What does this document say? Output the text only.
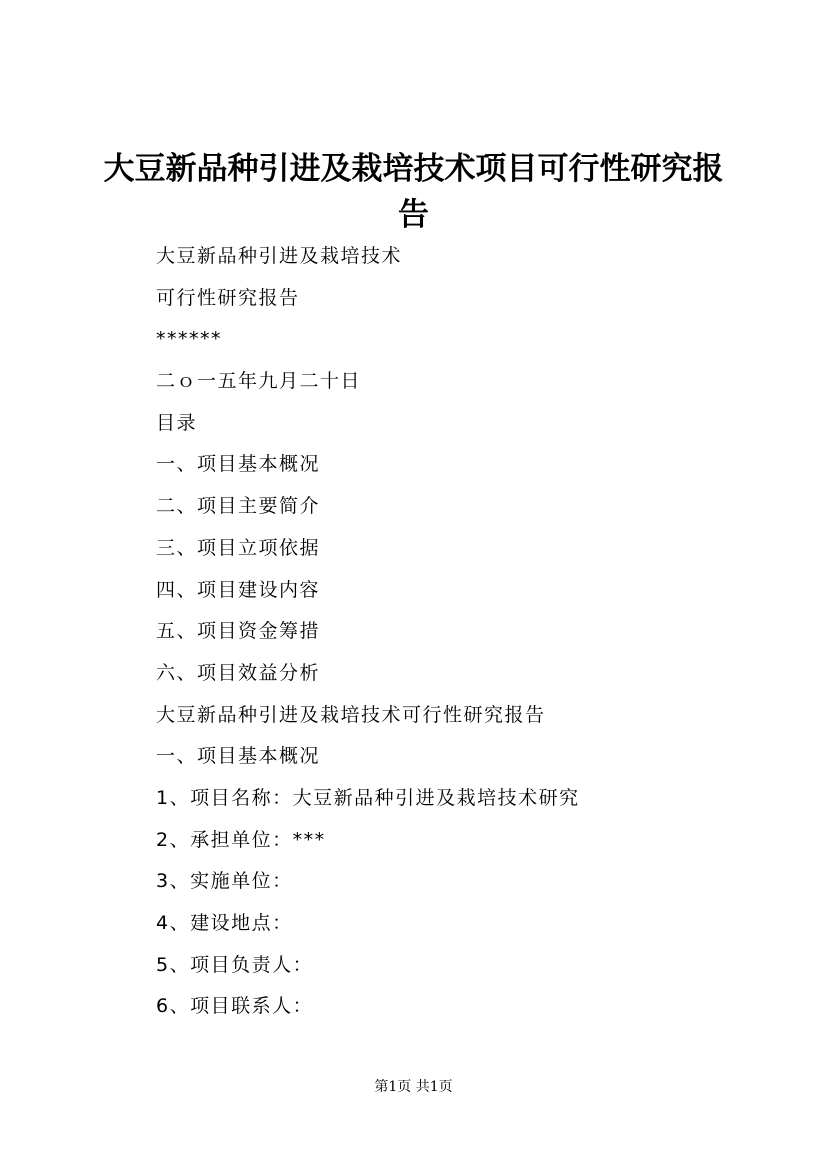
大豆新品种引进及栽培技术项目可行性研究报告
大豆新品种引进及栽培技术
可行性研究报告
******
二ｏ一五年九月二十日
目录
一、项目基本概况
二、项目主要简介
三、项目立项依据
四、项目建设内容
五、项目资金筹措
六、项目效益分析
大豆新品种引进及栽培技术可行性研究报告
一、项目基本概况
1、项目名称：大豆新品种引进及栽培技术研究
2、承担单位：***
3、实施单位：
4、建设地点：
5、项目负责人：
6、项目联系人：
第1页 共1页
